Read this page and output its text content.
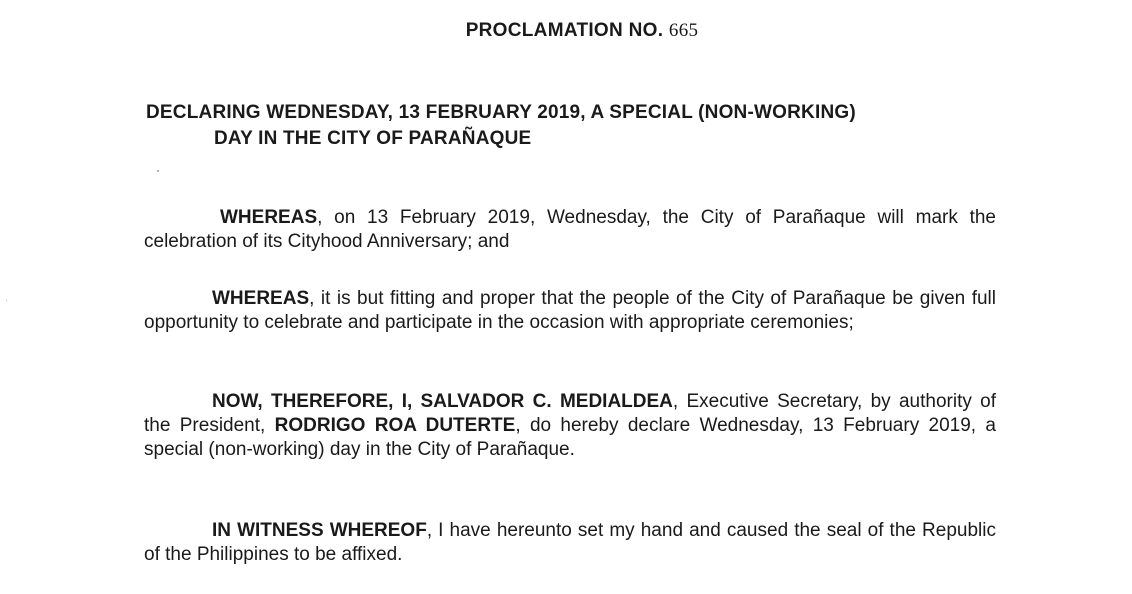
PROCLAMATION NO. 665
DECLARING WEDNESDAY, 13 FEBRUARY 2019, A SPECIAL (NON-WORKING)
DAY IN THE CITY OF PARAÑAQUE
WHEREAS, on 13 February 2019, Wednesday, the City of Parañaque will mark the celebration of its Cityhood Anniversary; and
WHEREAS, it is but fitting and proper that the people of the City of Parañaque be given full opportunity to celebrate and participate in the occasion with appropriate ceremonies;
NOW, THEREFORE, I, SALVADOR C. MEDIALDEA, Executive Secretary, by authority of the President, RODRIGO ROA DUTERTE, do hereby declare Wednesday, 13 February 2019, a special (non-working) day in the City of Parañaque.
IN WITNESS WHEREOF, I have hereunto set my hand and caused the seal of the Republic of the Philippines to be affixed.
